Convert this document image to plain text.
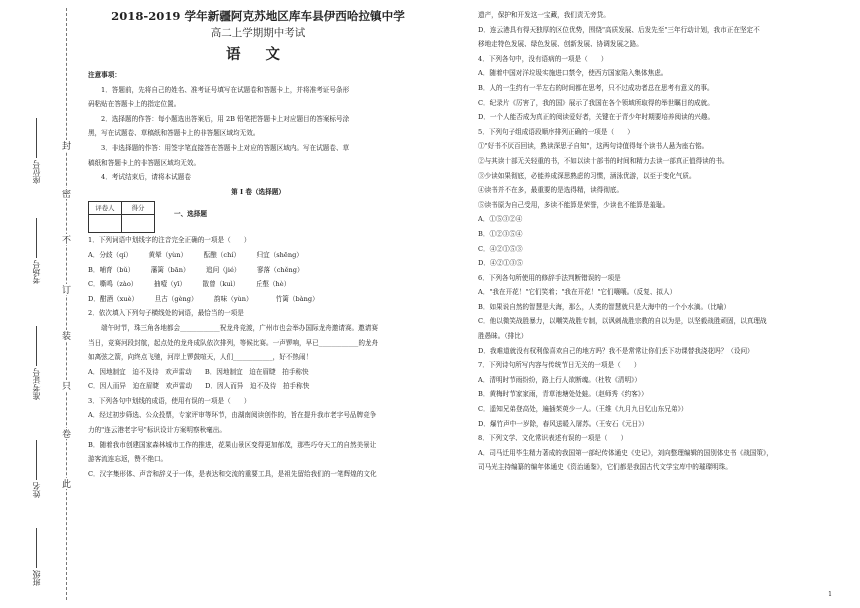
封
密
不
订
装
只
卷
此
座位号
考场号
准考证号
姓名
班级

2018-2019 学年新疆阿克苏地区库车县伊西哈拉镇中学

高二上学期期中考试

语 文

注意事项：

1．答题前，先将自己的姓名、准考证号填写在试题卷和答题卡上，并将准考证号条形

码粘贴在答题卡上的指定位置。

2．选择题的作答：每小题选出答案后，用 2B 铅笔把答题卡上对应题目的答案标号涂

黑，写在试题卷、草稿纸和答题卡上的非答题区域均无效。

3．非选择题的作答：用签字笔直接答在答题卡上对应的答题区域内。写在试题卷、草

稿纸和答题卡上的非答题区域均无效。

4．考试结束后，请将本试题卷

第 I 卷（选择题）

评卷人	得分

一、选择题

1．下列词语中划线字的注音完全正确的一项是（　　）

A．分歧（qí）　　　黄晕（yùn）　　　酝酿（chí）　　　归宜（shēng）

B．哺育（bǔ）　　　藩篱（bān）　　　追问（jié）　　　寥落（chěng）

C．嘶鸣（zào）　　　抽噎（yī）　　　散曾（kuì）　　　丘壑（hè）

D．酣酒（xuè）　　　旦古（gèng）　　　韵味（yùn）　　　　竹篱（bàng）

2．依次填入下列句子横线处的词语，最恰当的一项是

端午时节，珠三角各地都会____________祝龙舟竞渡，广州市也会举办国际龙舟邀请赛。邀请赛

当日，竞赛河段封航，起点处的龙舟成队依次排列，等候比赛。一声锣响，早已____________的龙舟

如离弦之箭，向终点飞驰，河岸上锣鼓喧天，人们____________，好不热闹！

A．因地制宜　迫不及待　欢声雷动　　B．因地制宜　迫在眉睫　拍手称快

C．因人而异　迫在眉睫　欢声雷动　　D．因人而异　迫不及待　拍手称快

3．下列各句中划线的成语，使用有误的一项是（　　）

A．经过初步筛选、公众投票，专家评审等环节，由湖南阅读创作的，旨在提升我市老字号品牌竞争

力的"连云港老字号"标识设计方案明察秋毫出。

B．随着我市创建国家森林城市工作的推进，花果山景区变得更加郁茂，那些巧夺天工的自然美景让

游客流连忘返，赞不绝口。

C．汉字集形体、声音和辞义于一体，是表达和交流的重要工具，是祖先留给我们的一笔辉煌的文化

遗产，保护和开发这一宝藏，我们责无旁贷。

D．连云港具有得天独厚的区位优势，围绕"高质发展、后发先至"三年行动计划，我市正在坚定不

移地走特色发展、绿色发展、创新发展、协调发展之路。

4．下列各句中，没有语病的一项是（　　）

A．随着中国对洋垃圾实施进口禁令，使西方国家陷入集体焦虑。

B．人的一生约有一半左右的时间都在思考，只不过成功者总在思考有意义的事。

C．纪录片《厉害了，我的国》展示了我国在各个领域所取得的举世瞩目的成就。

D．一个人能否成为真正的阅读爱好者，关键在于青少年时期要培养阅读的兴趣。

5．下列句子组成语段顺序排列正确的一项是（　　）

①"好书不厌百回读，熟读深思子自知"，这两句诗值得每个读书人悬为座右铭。

②与其读十部无关轻重的书，不如以读十部书的时间和精力去读一部真正值得读的书。

③少读如果彻底，必能养成深思熟虑的习惯，涵泳优游，以至于变化气质。

④读书并不在多，最重要的是选得精，读得彻底。

⑤读书原为自己受用，多读不能算是荣誉，少读也不能算是羞耻。

A．①⑤③②④

B．①②③⑤④

C．④②①⑤③

D．④②①③⑤

6．下列各句所使用的修辞手法判断错误的一项是

A．"我在开花！"它们笑着；"我在开花！"它们嚷嚷。（反复、拟人）

B．如果说自然的智慧是大海，那么，人类的智慧就只是大海中的一个小水滴。（比喻）

C．他以微笑战胜暴力，以嘲笑战胜专制，以讽刺战胜宗教的自以为是，以坚毅战胜顽固，以真理战

胜愚昧。（排比）

D．我难道就没有权利像喜欢自己的地方吗？我不是常常让你们丢下功课替我浇花吗？（设问）

7．下列诗句所写内容与传统节日无关的一项是（　　）

A．清明时节雨纷纷，路上行人欲断魂。（杜牧《清明》）

B．黄梅时节家家雨，青草池塘处处蛙。（赵师秀《约客》）

C．遥知兄弟登高处，遍插茱萸少一人。（王维《九月九日忆山东兄弟》）

D．爆竹声中一岁除，春风送暖入屠苏。（王安石《元日》）

8．下列文学、文化常识表述有误的一项是（　　）

A．司马迁用毕生精力著成的我国第一部纪传体通史《史记》，刘向整理编辑的国别体史书《战国策》，

司马光主持编纂的编年体通史《资治通鉴》，它们都是我国古代文学宝库中的璀璨明珠。

1
